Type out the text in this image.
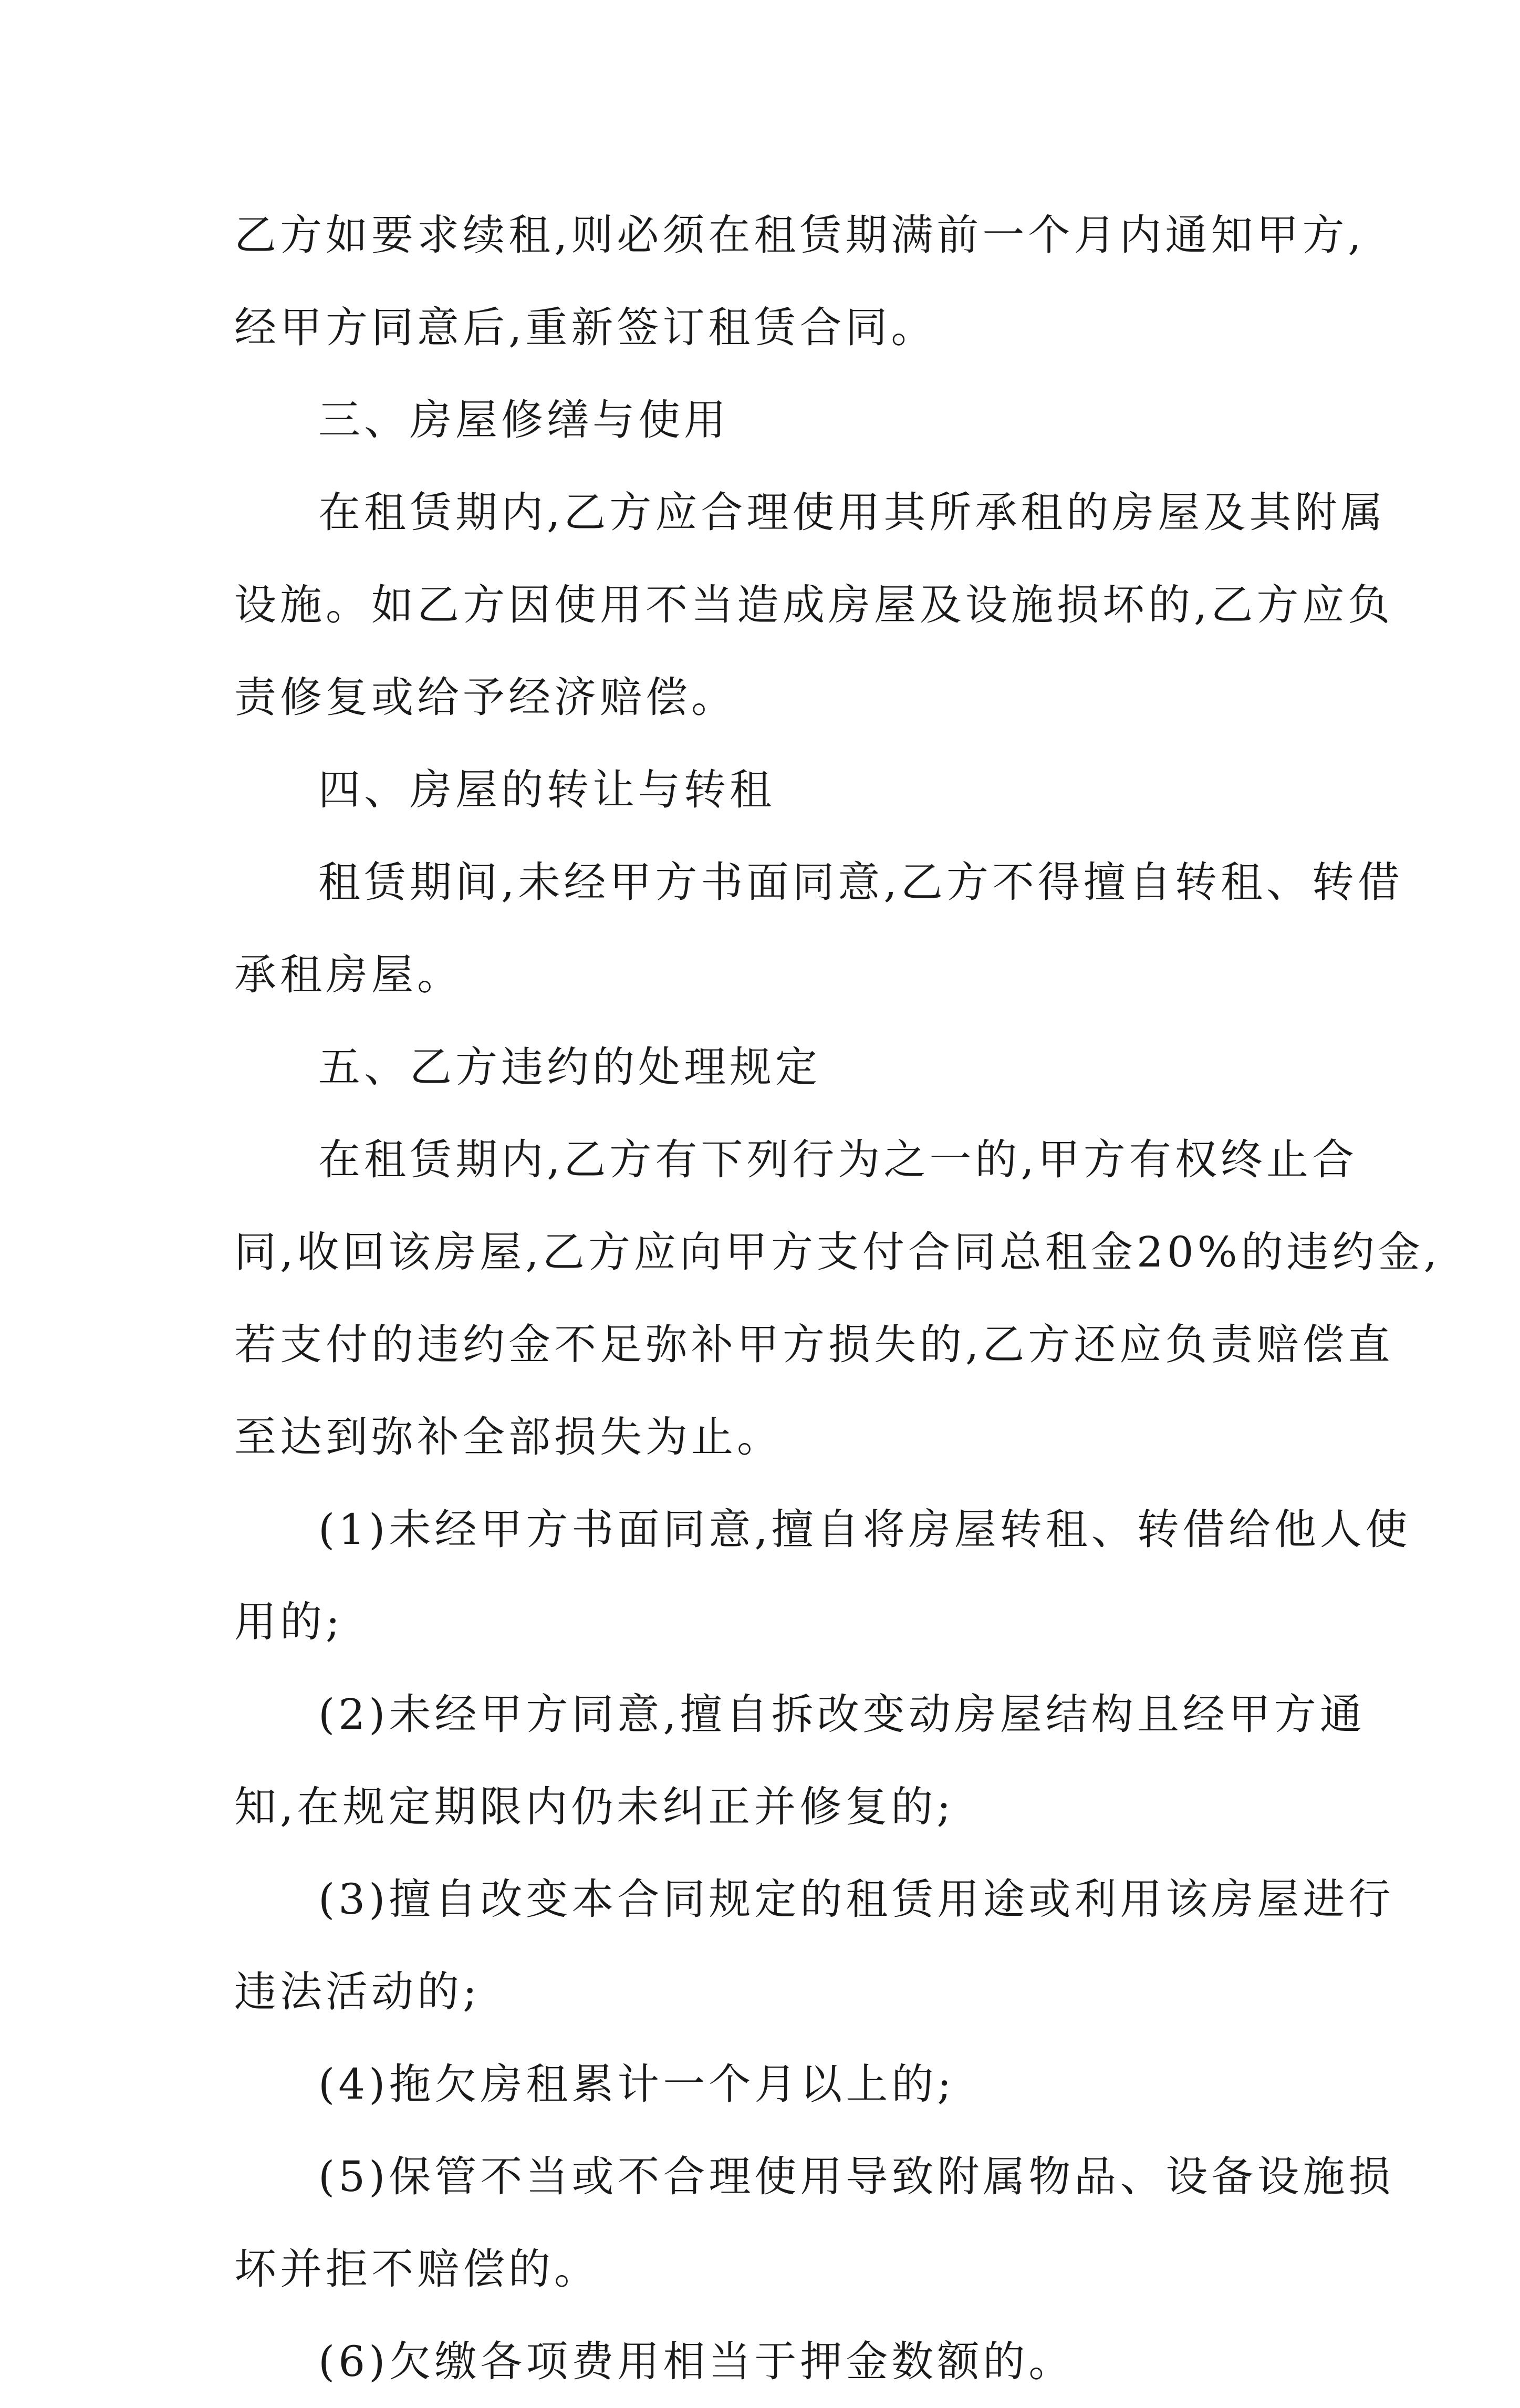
乙方如要求续租,则必须在租赁期满前一个月内通知甲方,
经甲方同意后,重新签订租赁合同。
三、房屋修缮与使用
在租赁期内,乙方应合理使用其所承租的房屋及其附属
设施。如乙方因使用不当造成房屋及设施损坏的,乙方应负
责修复或给予经济赔偿。
四、房屋的转让与转租
租赁期间,未经甲方书面同意,乙方不得擅自转租、转借
承租房屋。
五、乙方违约的处理规定
在租赁期内,乙方有下列行为之一的,甲方有权终止合
同,收回该房屋,乙方应向甲方支付合同总租金20%的违约金,
若支付的违约金不足弥补甲方损失的,乙方还应负责赔偿直
至达到弥补全部损失为止。
(1)未经甲方书面同意,擅自将房屋转租、转借给他人使
用的;
(2)未经甲方同意,擅自拆改变动房屋结构且经甲方通
知,在规定期限内仍未纠正并修复的;
(3)擅自改变本合同规定的租赁用途或利用该房屋进行
违法活动的;
(4)拖欠房租累计一个月以上的;
(5)保管不当或不合理使用导致附属物品、设备设施损
坏并拒不赔偿的。
(6)欠缴各项费用相当于押金数额的。
